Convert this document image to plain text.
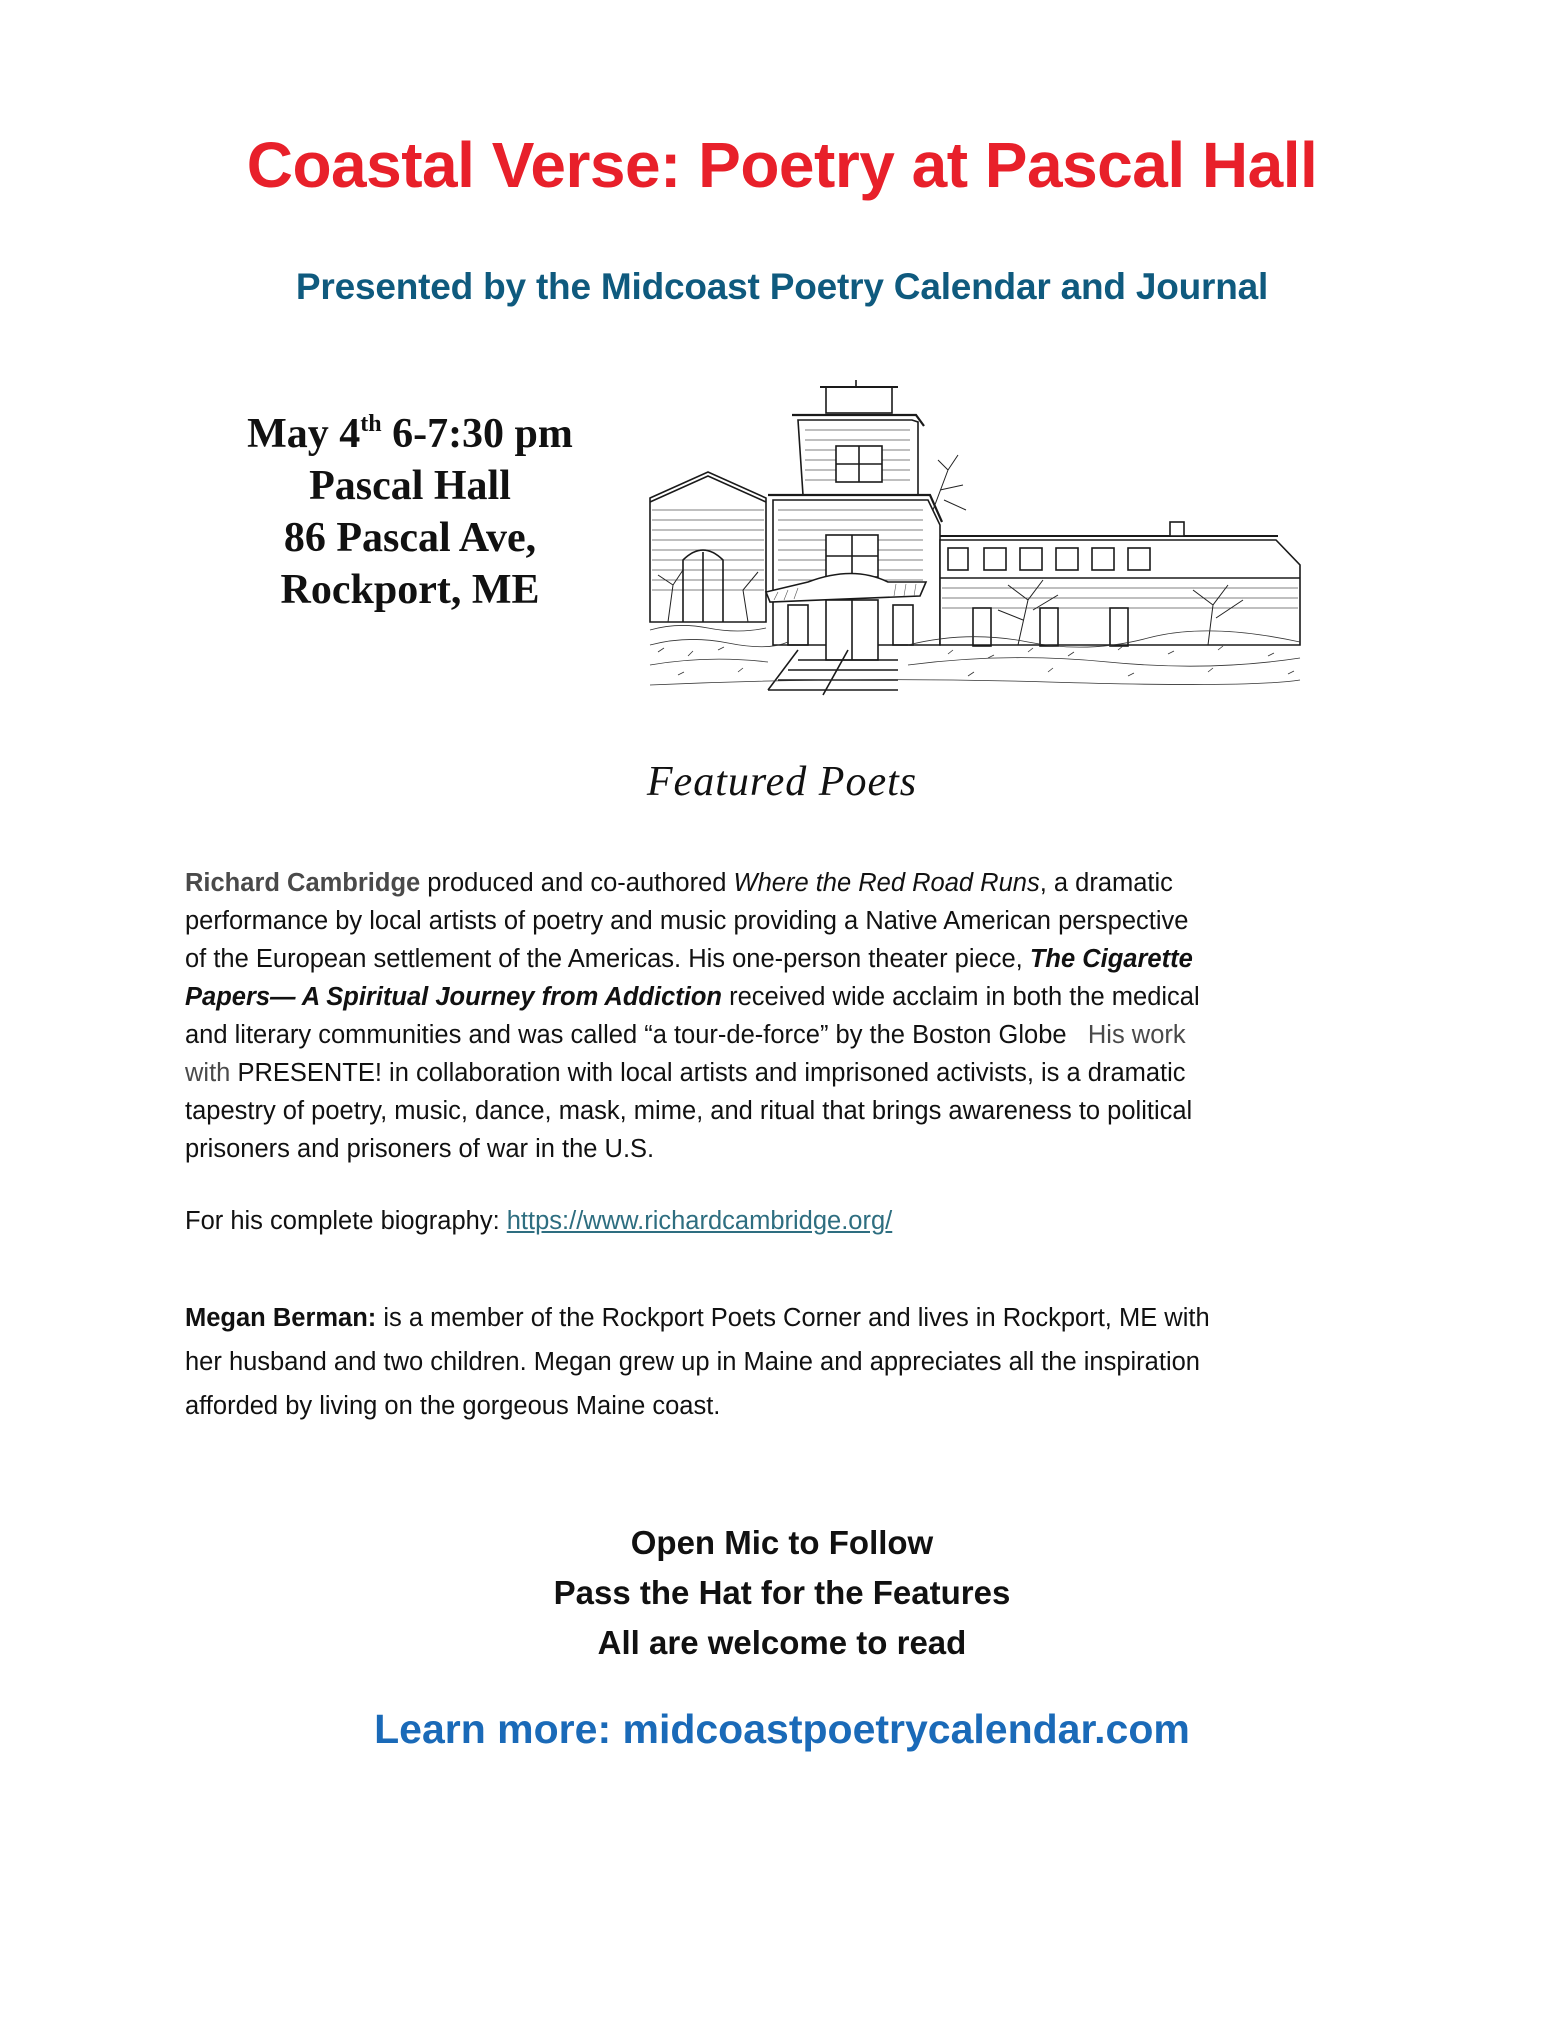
Coastal Verse: Poetry at Pascal Hall
Presented by the Midcoast Poetry Calendar and Journal
May 4th 6-7:30 pm
Pascal Hall
86 Pascal Ave,
Rockport, ME
Featured Poets
Richard Cambridge produced and co-authored Where the Red Road Runs, a dramatic
performance by local artists of poetry and music providing a Native American perspective
of the European settlement of the Americas. His one-person theater piece, The Cigarette
Papers— A Spiritual Journey from Addiction received wide acclaim in both the medical
and literary communities and was called “a tour-de-force” by the Boston Globe   His work
with PRESENTE! in collaboration with local artists and imprisoned activists, is a dramatic
tapestry of poetry, music, dance, mask, mime, and ritual that brings awareness to political
prisoners and prisoners of war in the U.S.
For his complete biography: https://www.richardcambridge.org/
Megan Berman: is a member of the Rockport Poets Corner and lives in Rockport, ME with
her husband and two children. Megan grew up in Maine and appreciates all the inspiration
afforded by living on the gorgeous Maine coast.
Open Mic to Follow
Pass the Hat for the Features
All are welcome to read
Learn more: midcoastpoetrycalendar.com
